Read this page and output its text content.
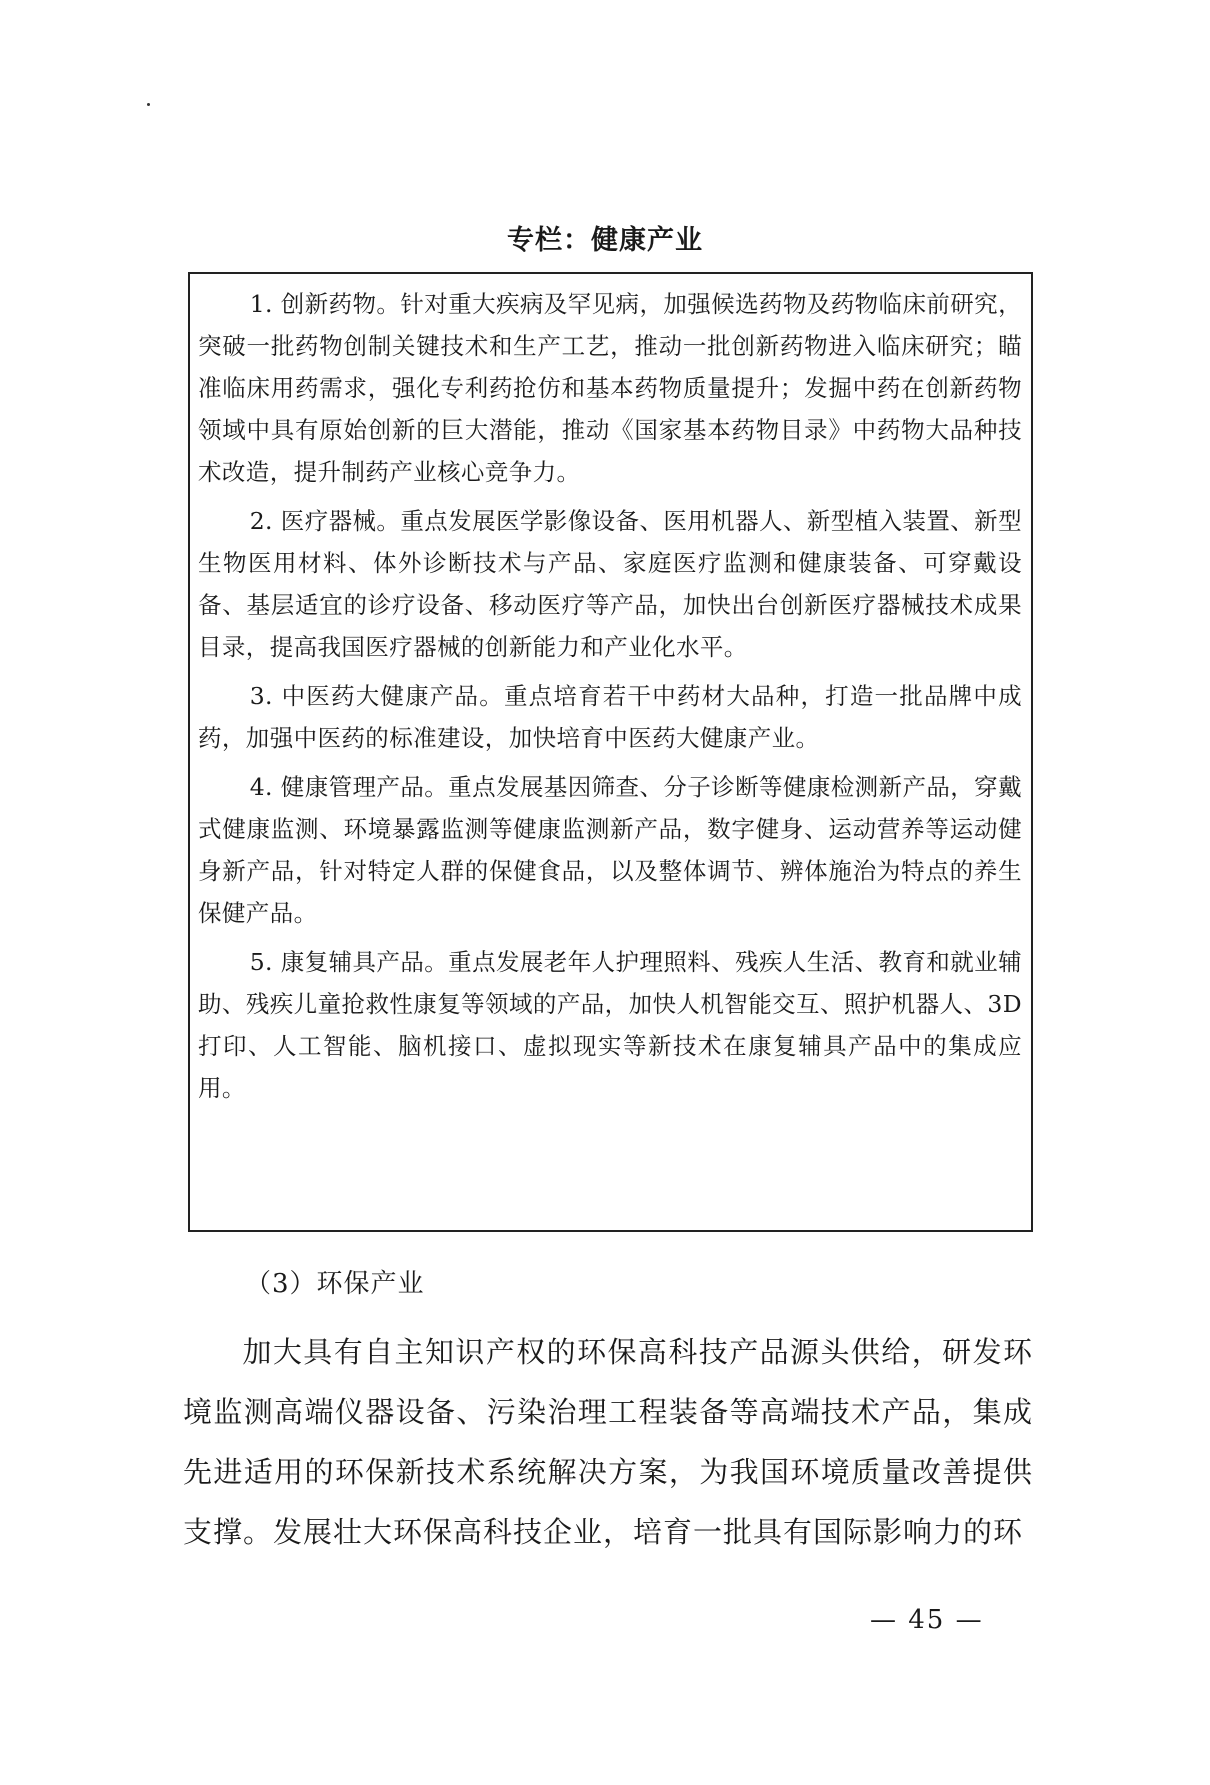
专栏：健康产业

1. 创新药物。针对重大疾病及罕见病，加强候选药物及药物临床前研究，突破一批药物创制关键技术和生产工艺，推动一批创新药物进入临床研究；瞄准临床用药需求，强化专利药抢仿和基本药物质量提升；发掘中药在创新药物领域中具有原始创新的巨大潜能，推动《国家基本药物目录》中药物大品种技术改造，提升制药产业核心竞争力。

2. 医疗器械。重点发展医学影像设备、医用机器人、新型植入装置、新型生物医用材料、体外诊断技术与产品、家庭医疗监测和健康装备、可穿戴设备、基层适宜的诊疗设备、移动医疗等产品，加快出台创新医疗器械技术成果目录，提高我国医疗器械的创新能力和产业化水平。

3. 中医药大健康产品。重点培育若干中药材大品种，打造一批品牌中成药，加强中医药的标准建设，加快培育中医药大健康产业。

4. 健康管理产品。重点发展基因筛查、分子诊断等健康检测新产品，穿戴式健康监测、环境暴露监测等健康监测新产品，数字健身、运动营养等运动健身新产品，针对特定人群的保健食品，以及整体调节、辨体施治为特点的养生保健产品。

5. 康复辅具产品。重点发展老年人护理照料、残疾人生活、教育和就业辅助、残疾儿童抢救性康复等领域的产品，加快人机智能交互、照护机器人、3D 打印、人工智能、脑机接口、虚拟现实等新技术在康复辅具产品中的集成应用。

（3）环保产业

加大具有自主知识产权的环保高科技产品源头供给，研发环境监测高端仪器设备、污染治理工程装备等高端技术产品，集成先进适用的环保新技术系统解决方案，为我国环境质量改善提供支撑。发展壮大环保高科技企业，培育一批具有国际影响力的环

— 45 —
